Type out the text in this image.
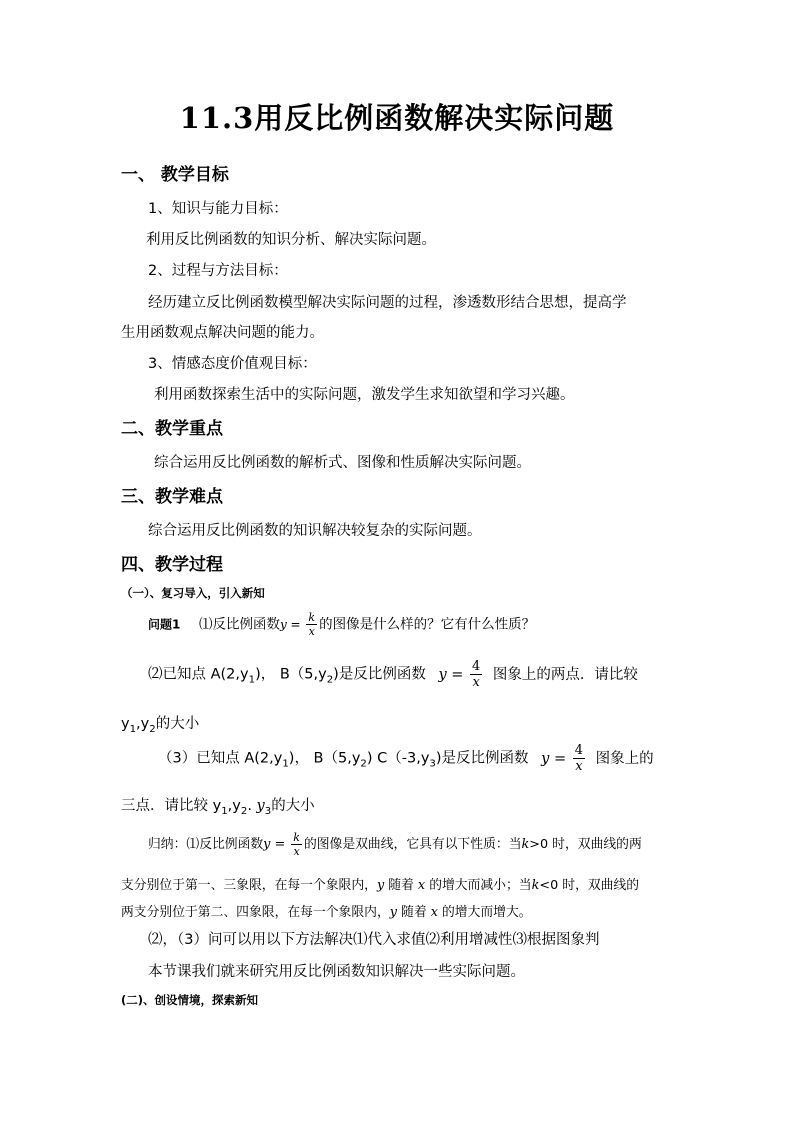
11.3用反比例函数解决实际问题
一、 教学目标
1、知识与能力目标：
利用反比例函数的知识分析、解决实际问题。
2、过程与方法目标：
经历建立反比例函数模型解决实际问题的过程，渗透数形结合思想，提高学
生用函数观点解决问题的能力。
3、情感态度价值观目标：
利用函数探索生活中的实际问题，激发学生求知欲望和学习兴趣。
二、教学重点
综合运用反比例函数的解析式、图像和性质解决实际问题。
三、教学难点
综合运用反比例函数的知识解决较复杂的实际问题。
四、教学过程
（一）、复习导入，引入新知
问题1 ⑴反比例函数$y = \frac{k}{x}$ 的图像是什么样的？它有什么性质？
⑵已知点 $A(2,y_1)$， $B(5,y_2)$是反比例函数 $y = \frac{4}{x}$ 图象上的两点．请比较
$y_1,y_2$的大小
（3）已知点 $A(2,y_1)$， $B(5,y_2)$ $C(-3,y_3)$是反比例函数 $y = \frac{4}{x}$ 图象上的
三点．请比较 $y_1,y_2$. $y_3$的大小
归纳：⑴反比例函数$y = \frac{k}{x}$ 的图像是双曲线，它具有以下性质：当k>0 时，双曲线的两
支分别位于第一、三象限，在每一个象限内，y 随着 x 的增大而减小；当k<0 时，双曲线的
两支分别位于第二、四象限，在每一个象限内，y 随着 x 的增大而增大。
⑵，（3）问可以用以下方法解决⑴代入求值⑵利用增减性⑶根据图象判
本节课我们就来研究用反比例函数知识解决一些实际问题。
(二)、创设情境，探索新知
